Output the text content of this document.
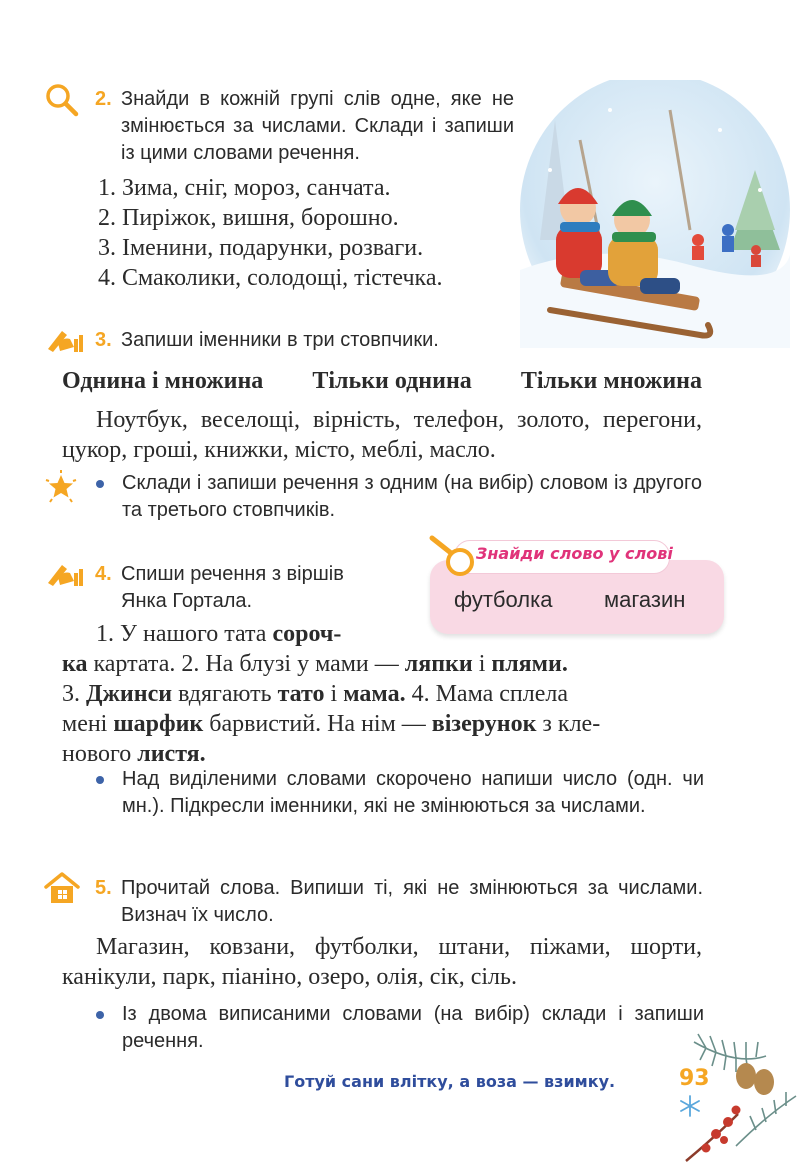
2. Знайди в кожній групі слів одне, яке не змінюється за числами. Склади і запиши із цими словами речення.
1. Зима, сніг, мороз, санчата.
2. Пиріжок, вишня, борошно.
3. Іменини, подарунки, розваги.
4. Смаколики, солодощі, тістечка.
3. Запиши іменники в три стовпчики.
Однина і множина Тільки однина Тільки множина
Ноутбук, веселощі, вірність, телефон, золото, перегони, цукор, гроші, книжки, місто, меблі, масло.
Склади і запиши речення з одним (на вибір) словом із другого та третього стовпчиків.
4. Спиши речення з віршів
Янка Гортала.
Знайди слово у слові
футболка магазин
1. У нашого тата сороч-
ка картата. 2. На блузі у мами — ляпки і плями.
3. Джинси вдягають тато і мама. 4. Мама сплела
мені шарфик барвистий. На нім — візерунок з кле-
нового листя.
Над виділеними словами скорочено напиши число (одн. чи мн.). Підкресли іменники, які не змінюються за числами.
5. Прочитай слова. Випиши ті, які не змінюються за числами. Визнач їх число.
Магазин, ковзани, футболки, штани, піжами, шорти, канікули, парк, піаніно, озеро, олія, сік, сіль.
Із двома виписаними словами (на вибір) склади і запиши речення.
Готуй сани влітку, а воза — взимку.	93
